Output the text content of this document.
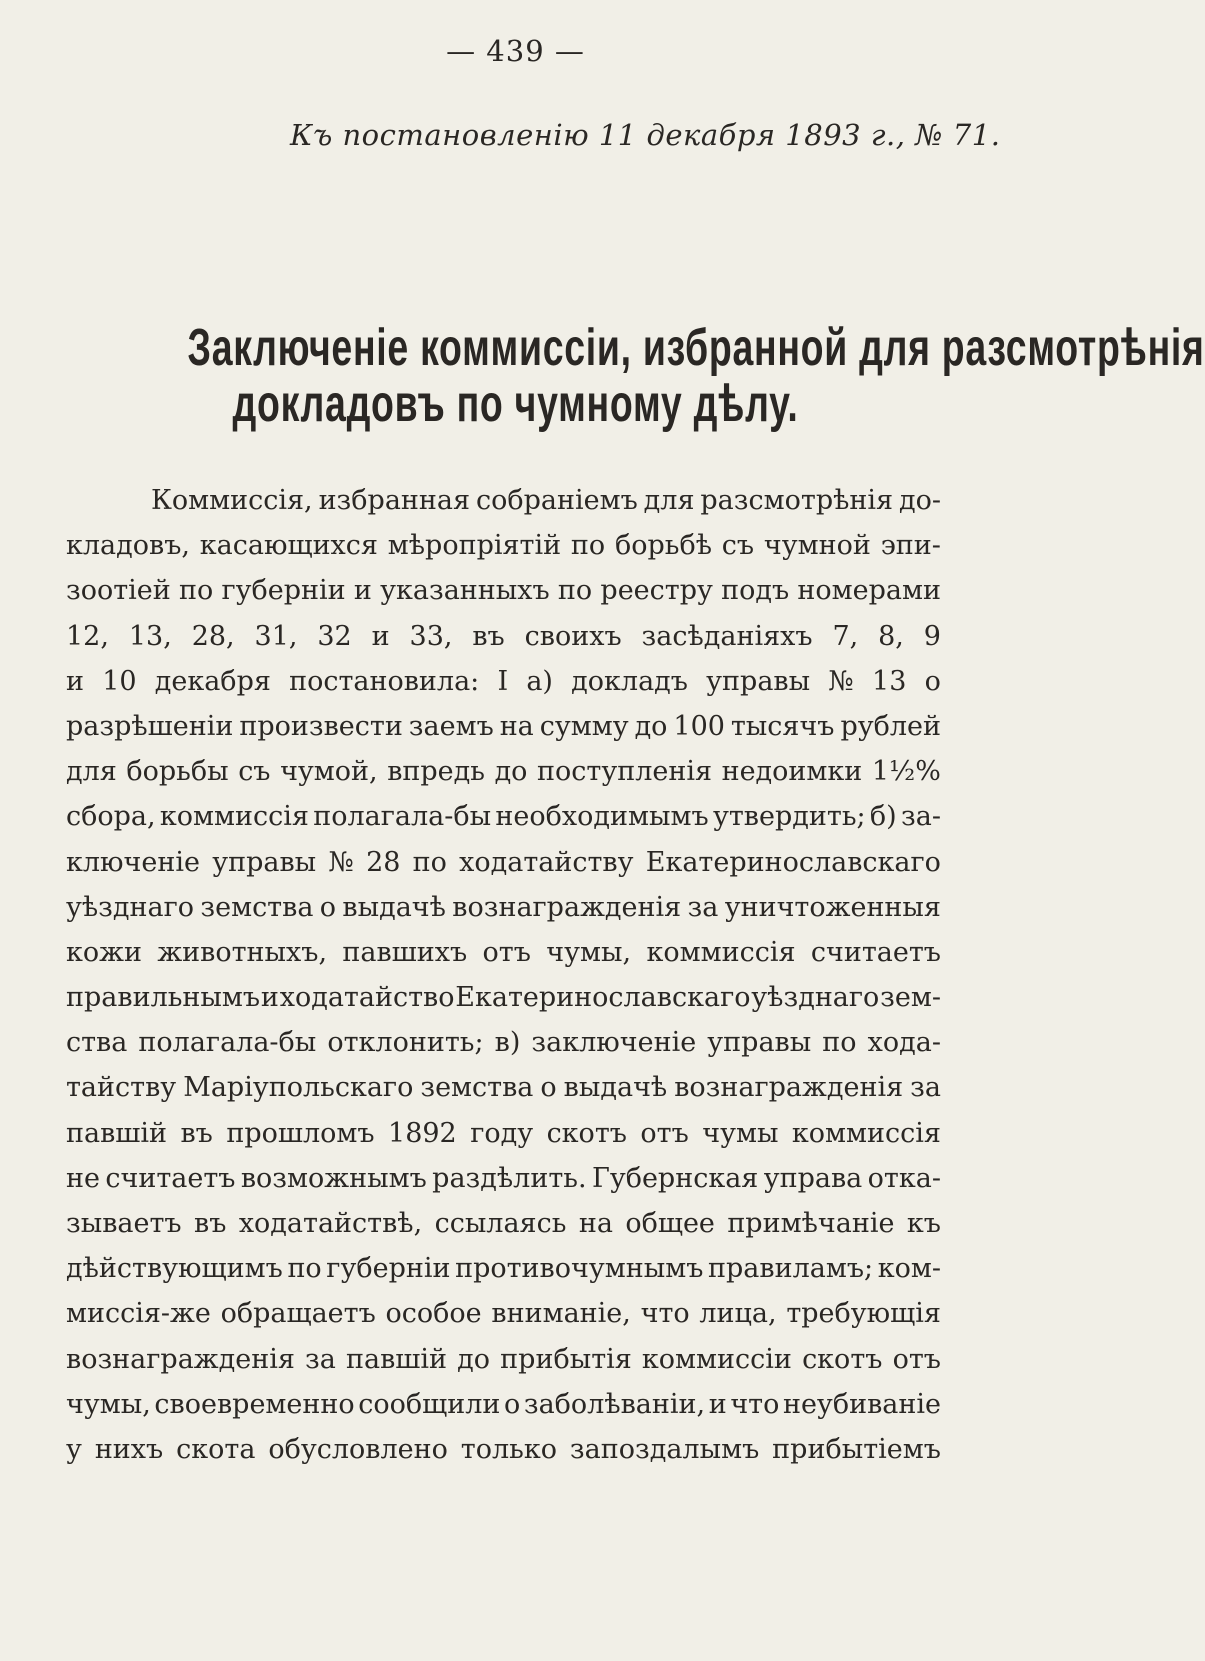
— 439 —
Къ постановленію 11 декабря 1893 г., № 71.
Заключеніе коммиссіи, избранной для разсмотрѣнія
докладовъ по чумному дѣлу.
Коммиссія, избранная собраніемъ для разсмотрѣнія до-
кладовъ, касающихся мѣропріятій по борьбѣ съ чумной эпи-
зоотіей по губерніи и указанныхъ по реестру подъ номерами
12, 13, 28, 31, 32 и 33, въ своихъ засѣданіяхъ 7, 8, 9
и 10 декабря постановила: I а) докладъ управы № 13 о
разрѣшеніи произвести заемъ на сумму до 100 тысячъ рублей
для борьбы съ чумой, впредь до поступленія недоимки 1½%
сбора, коммиссія полагала-бы необходимымъ утвердить; б) за-
ключеніе управы № 28 по ходатайству Екатеринославскаго
уѣзднаго земства о выдачѣ вознагражденія за уничтоженныя
кожи животныхъ, павшихъ отъ чумы, коммиссія считаетъ
правильнымъ и ходатайство Екатеринославскаго уѣзднаго зем-
ства полагала-бы отклонить; в) заключеніе управы по хода-
тайству Маріупольскаго земства о выдачѣ вознагражденія за
павшій въ прошломъ 1892 году скотъ отъ чумы коммиссія
не считаетъ возможнымъ раздѣлить. Губернская управа отка-
зываетъ въ ходатайствѣ, ссылаясь на общее примѣчаніе къ
дѣйствующимъ по губерніи противочумнымъ правиламъ; ком-
миссія-же обращаетъ особое вниманіе, что лица, требующія
вознагражденія за павшій до прибытія коммиссіи скотъ отъ
чумы, своевременно сообщили о заболѣваніи, и что неубиваніе
у нихъ скота обусловлено только запоздалымъ прибытіемъ
